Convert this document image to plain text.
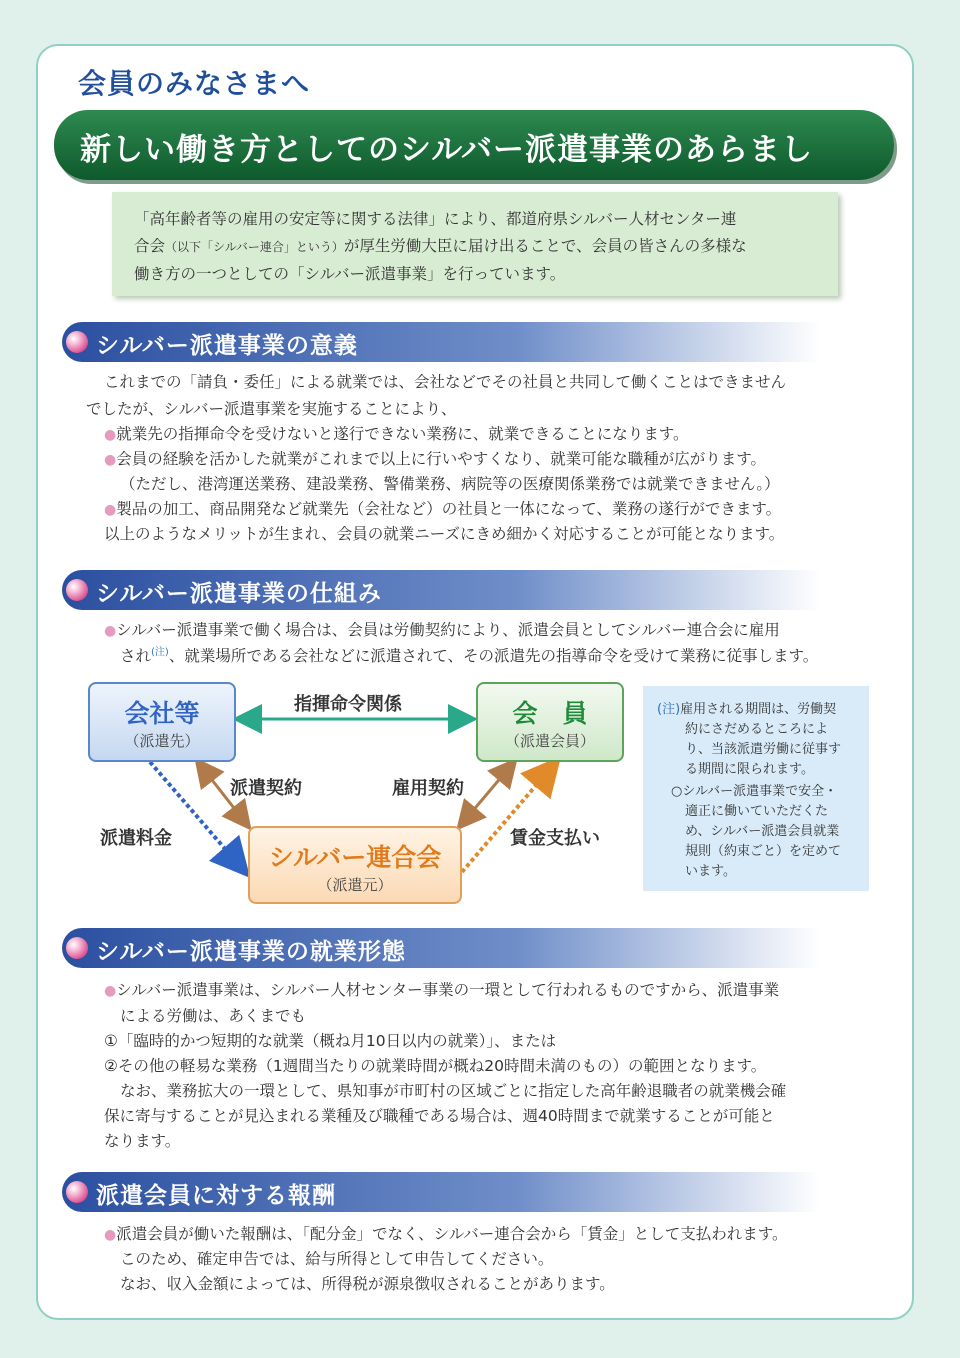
会員のみなさまへ
新しい働き方としてのシルバー派遣事業のあらまし

「高年齢者等の雇用の安定等に関する法律」により、都道府県シルバー人材センター連
合会（以下「シルバー連合」という）が厚生労働大臣に届け出ることで、会員の皆さんの多様な
働き方の一つとしての「シルバー派遣事業」を行っています。

シルバー派遣事業の意義
これまでの「請負・委任」による就業では、会社などでその社員と共同して働くことはできません
でしたが、シルバー派遣事業を実施することにより、
●就業先の指揮命令を受けないと遂行できない業務に、就業できることになります。
●会員の経験を活かした就業がこれまで以上に行いやすくなり、就業可能な職種が広がります。
（ただし、港湾運送業務、建設業務、警備業務、病院等の医療関係業務では就業できません。）
●製品の加工、商品開発など就業先（会社など）の社員と一体になって、業務の遂行ができます。
以上のようなメリットが生まれ、会員の就業ニーズにきめ細かく対応することが可能となります。
シルバー派遣事業の仕組み
●シルバー派遣事業で働く場合は、会員は労働契約により、派遣会員としてシルバー連合会に雇用
され$^{(注)}$、就業場所である会社などに派遣されて、その派遣先の指導命令を受けて業務に従事します。
会社等
（派遣先）
会　員
（派遣会員）
シルバー連合会
（派遣元）
指揮命令関係
派遣契約	雇用契約
派遣料金	賃金支払い
(注)雇用される期間は、労働契
約にさだめるところによ
り、当該派遣労働に従事す
る期間に限られます。
○シルバー派遣事業で安全・
適正に働いていただくた
め、シルバー派遣会員就業
規則（約束ごと）を定めて
います。
シルバー派遣事業の就業形態
●シルバー派遣事業は、シルバー人材センター事業の一環として行われるものですから、派遣事業
による労働は、あくまでも
①「臨時的かつ短期的な就業（概ね月10日以内の就業）」、または
②その他の軽易な業務（1週間当たりの就業時間が概ね20時間未満のもの）の範囲となります。
なお、業務拡大の一環として、県知事が市町村の区域ごとに指定した高年齢退職者の就業機会確
保に寄与することが見込まれる業種及び職種である場合は、週40時間まで就業することが可能と
なります。
派遣会員に対する報酬
●派遣会員が働いた報酬は、「配分金」でなく、シルバー連合会から「賃金」として支払われます。
このため、確定申告では、給与所得として申告してください。
なお、収入金額によっては、所得税が源泉徴収されることがあります。
